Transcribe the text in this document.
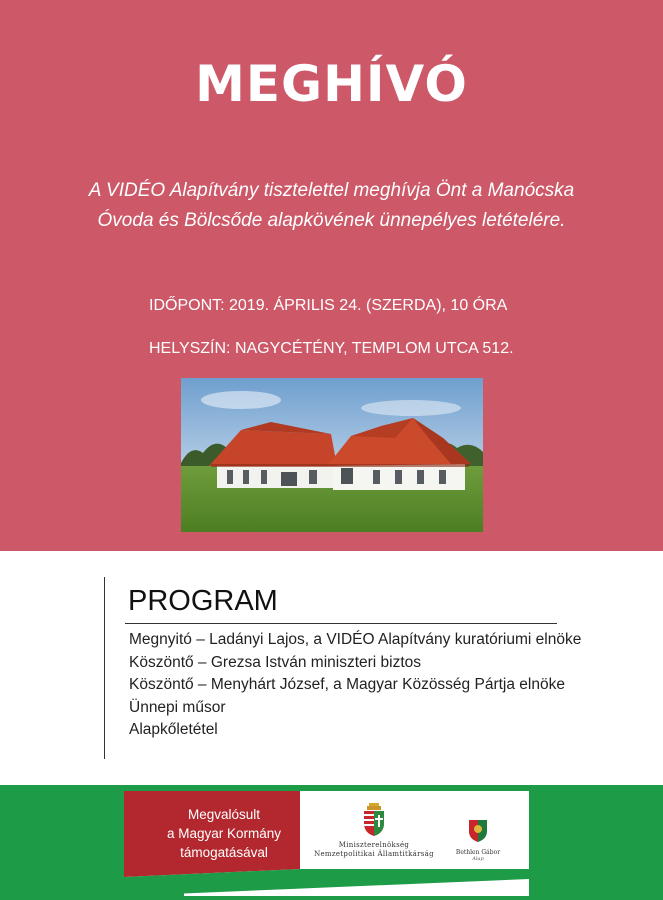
MEGHÍVÓ
A VIDÉO Alapítvány tisztelettel meghívja Önt a Manócska
Óvoda és Bölcsőde alapkövének ünnepélyes letételére.
IDŐPONT: 2019. ÁPRILIS 24. (SZERDA), 10 ÓRA
HELYSZÍN: NAGYCÉTÉNY, TEMPLOM UTCA 512.
PROGRAM
Megnyitó – Ladányi Lajos, a VIDÉO Alapítvány kuratóriumi elnöke
Köszöntő – Grezsa István miniszteri biztos
Köszöntő – Menyhárt József, a Magyar Közösség Pártja elnöke
Ünnepi műsor
Alapkőletétel
Megvalósult
a Magyar Kormány
támogatásával	Miniszterelnökség
Nemzetpolitikai Államtitkárság	Bethlen Gábor
Alap
